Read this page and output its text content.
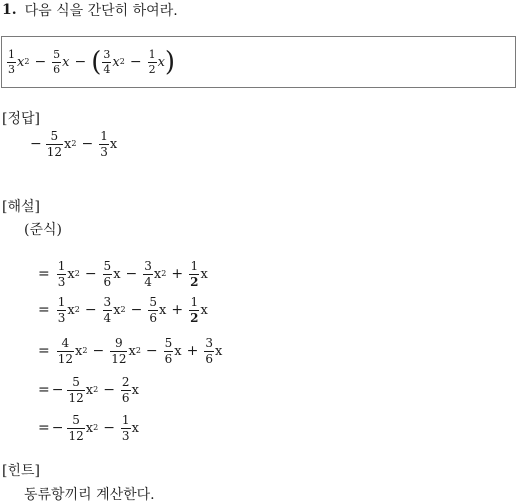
1. 다음 식을 간단히 하여라.
$\frac{1}{3}$ x $2 - \frac{5}{6}$ x − ( $\frac{3}{4}$ x $2 - \frac{1}{2}$ x )
[정답]
− $\frac{5}{12}$ x $2 - \frac{1}{3}$ x
[해설]
(준식)
= $\frac{1}{3}$ x $2 - \frac{5}{6}$ $x - \frac{3}{4}$ x $2 + \frac{1}{2}$ x
= $\frac{1}{3}$ x $2 - \frac{3}{4}$ x $2 - \frac{5}{6}$ $x + \frac{1}{2}$ x
= $\frac{4}{12}$ x $2 - \frac{9}{12}$ x $2 - \frac{5}{6}$ $x + \frac{3}{6}$ x
= − $\frac{5}{12}$ x $2 - \frac{2}{6}$ x
= − $\frac{5}{12}$ x $2 - \frac{1}{3}$ x
[힌트]
동류항끼리 계산한다.
